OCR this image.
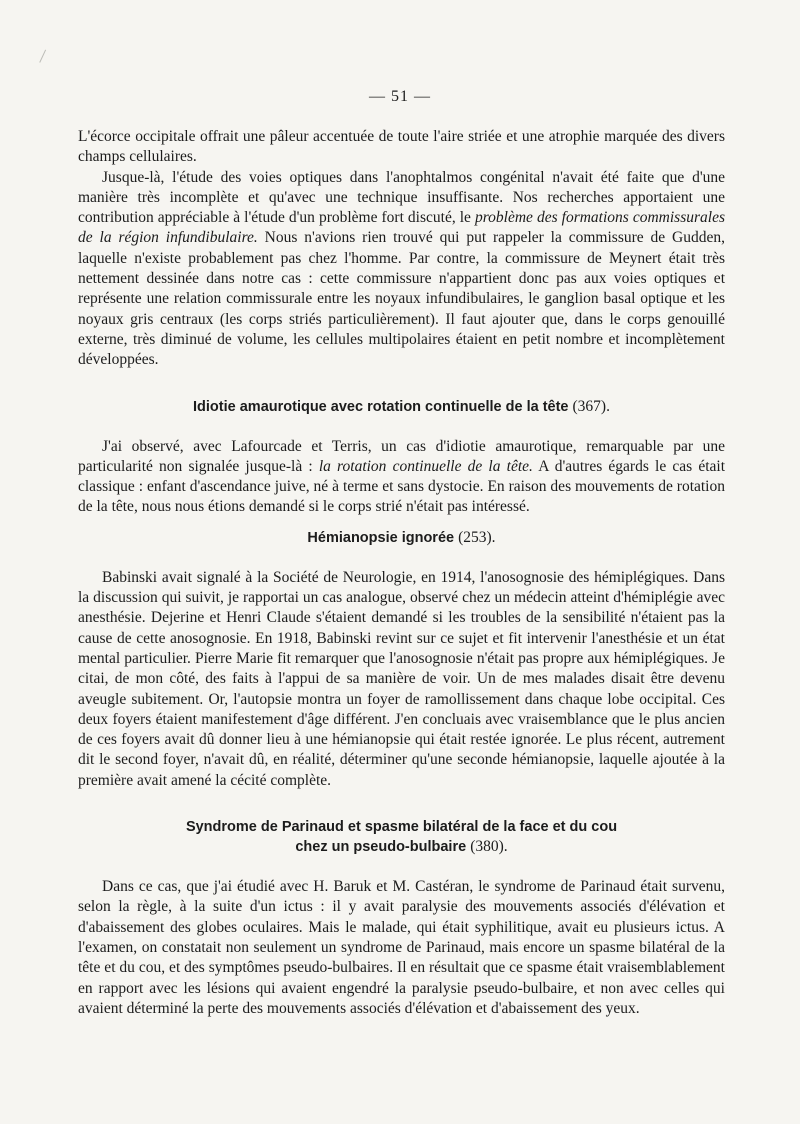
— 51 —

L'écorce occipitale offrait une pâleur accentuée de toute l'aire striée et une atrophie marquée des divers champs cellulaires.

Jusque-là, l'étude des voies optiques dans l'anophtalmos congénital n'avait été faite que d'une manière très incomplète et qu'avec une technique insuffisante. Nos recherches apportaient une contribution appréciable à l'étude d'un problème fort discuté, le problème des formations commissurales de la région infundibulaire. Nous n'avions rien trouvé qui put rappeler la commissure de Gudden, laquelle n'existe probablement pas chez l'homme. Par contre, la commissure de Meynert était très nettement dessinée dans notre cas : cette commissure n'appartient donc pas aux voies optiques et représente une relation commissurale entre les noyaux infundibulaires, le ganglion basal optique et les noyaux gris centraux (les corps striés particulièrement). Il faut ajouter que, dans le corps genouillé externe, très diminué de volume, les cellules multipolaires étaient en petit nombre et incomplètement développées.

Idiotie amaurotique avec rotation continuelle de la tête (367).

J'ai observé, avec Lafourcade et Terris, un cas d'idiotie amaurotique, remarquable par une particularité non signalée jusque-là : la rotation continuelle de la tête. A d'autres égards le cas était classique : enfant d'ascendance juive, né à terme et sans dystocie. En raison des mouvements de rotation de la tête, nous nous étions demandé si le corps strié n'était pas intéressé.

Hémianopsie ignorée (253).

Babinski avait signalé à la Société de Neurologie, en 1914, l'anosognosie des hémiplégiques. Dans la discussion qui suivit, je rapportai un cas analogue, observé chez un médecin atteint d'hémiplégie avec anesthésie. Dejerine et Henri Claude s'étaient demandé si les troubles de la sensibilité n'étaient pas la cause de cette anosognosie. En 1918, Babinski revint sur ce sujet et fit intervenir l'anesthésie et un état mental particulier. Pierre Marie fit remarquer que l'anosognosie n'était pas propre aux hémiplégiques. Je citai, de mon côté, des faits à l'appui de sa manière de voir. Un de mes malades disait être devenu aveugle subitement. Or, l'autopsie montra un foyer de ramollissement dans chaque lobe occipital. Ces deux foyers étaient manifestement d'âge différent. J'en concluais avec vraisemblance que le plus ancien de ces foyers avait dû donner lieu à une hémianopsie qui était restée ignorée. Le plus récent, autrement dit le second foyer, n'avait dû, en réalité, déterminer qu'une seconde hémianopsie, laquelle ajoutée à la première avait amené la cécité complète.

Syndrome de Parinaud et spasme bilatéral de la face et du cou
chez un pseudo-bulbaire (380).

Dans ce cas, que j'ai étudié avec H. Baruk et M. Castéran, le syndrome de Parinaud était survenu, selon la règle, à la suite d'un ictus : il y avait paralysie des mouvements associés d'élévation et d'abaissement des globes oculaires. Mais le malade, qui était syphilitique, avait eu plusieurs ictus. A l'examen, on constatait non seulement un syndrome de Parinaud, mais encore un spasme bilatéral de la tête et du cou, et des symptômes pseudo-bulbaires. Il en résultait que ce spasme était vraisemblablement en rapport avec les lésions qui avaient engendré la paralysie pseudo-bulbaire, et non avec celles qui avaient déterminé la perte des mouvements associés d'élévation et d'abaissement des yeux.
